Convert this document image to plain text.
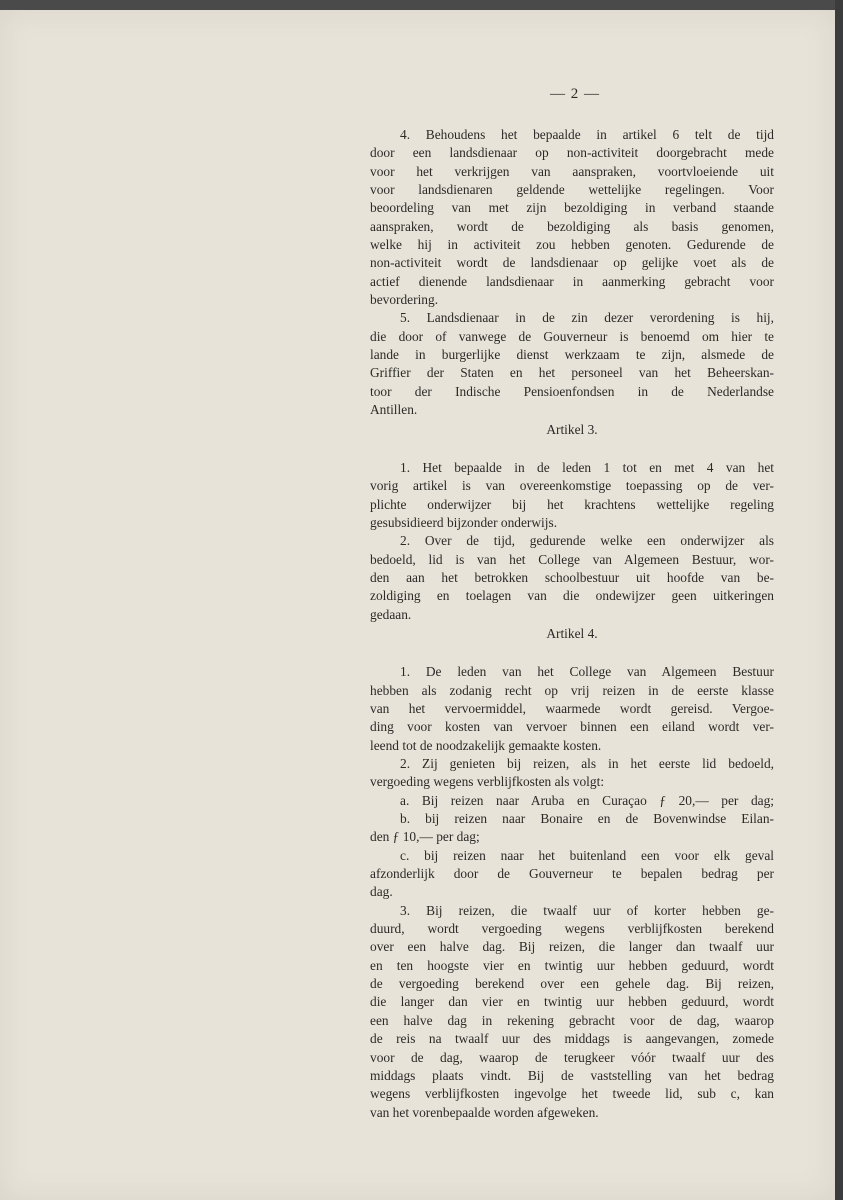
— 2 —
4. Behoudens het bepaalde in artikel 6 telt de tijd
door een landsdienaar op non-activiteit doorgebracht mede
voor het verkrijgen van aanspraken, voortvloeiende uit
voor landsdienaren geldende wettelijke regelingen. Voor
beoordeling van met zijn bezoldiging in verband staande
aanspraken, wordt de bezoldiging als basis genomen,
welke hij in activiteit zou hebben genoten. Gedurende de
non-activiteit wordt de landsdienaar op gelijke voet als de
actief dienende landsdienaar in aanmerking gebracht voor
bevordering.
5. Landsdienaar in de zin dezer verordening is hij,
die door of vanwege de Gouverneur is benoemd om hier te
lande in burgerlijke dienst werkzaam te zijn, alsmede de
Griffier der Staten en het personeel van het Beheerskan-
toor der Indische Pensioenfondsen in de Nederlandse
Antillen.
Artikel 3.
1. Het bepaalde in de leden 1 tot en met 4 van het
vorig artikel is van overeenkomstige toepassing op de ver-
plichte onderwijzer bij het krachtens wettelijke regeling
gesubsidieerd bijzonder onderwijs.
2. Over de tijd, gedurende welke een onderwijzer als
bedoeld, lid is van het College van Algemeen Bestuur, wor-
den aan het betrokken schoolbestuur uit hoofde van be-
zoldiging en toelagen van die ondewijzer geen uitkeringen
gedaan.
Artikel 4.
1. De leden van het College van Algemeen Bestuur
hebben als zodanig recht op vrij reizen in de eerste klasse
van het vervoermiddel, waarmede wordt gereisd. Vergoe-
ding voor kosten van vervoer binnen een eiland wordt ver-
leend tot de noodzakelijk gemaakte kosten.
2. Zij genieten bij reizen, als in het eerste lid bedoeld,
vergoeding wegens verblijfkosten als volgt:
a. Bij reizen naar Aruba en Curaçao ƒ 20,— per dag;
b. bij reizen naar Bonaire en de Bovenwindse Eilan-
den ƒ 10,— per dag;
c. bij reizen naar het buitenland een voor elk geval
afzonderlijk door de Gouverneur te bepalen bedrag per
dag.
3. Bij reizen, die twaalf uur of korter hebben ge-
duurd, wordt vergoeding wegens verblijfkosten berekend
over een halve dag. Bij reizen, die langer dan twaalf uur
en ten hoogste vier en twintig uur hebben geduurd, wordt
de vergoeding berekend over een gehele dag. Bij reizen,
die langer dan vier en twintig uur hebben geduurd, wordt
een halve dag in rekening gebracht voor de dag, waarop
de reis na twaalf uur des middags is aangevangen, zomede
voor de dag, waarop de terugkeer vóór twaalf uur des
middags plaats vindt. Bij de vaststelling van het bedrag
wegens verblijfkosten ingevolge het tweede lid, sub c, kan
van het vorenbepaalde worden afgeweken.
